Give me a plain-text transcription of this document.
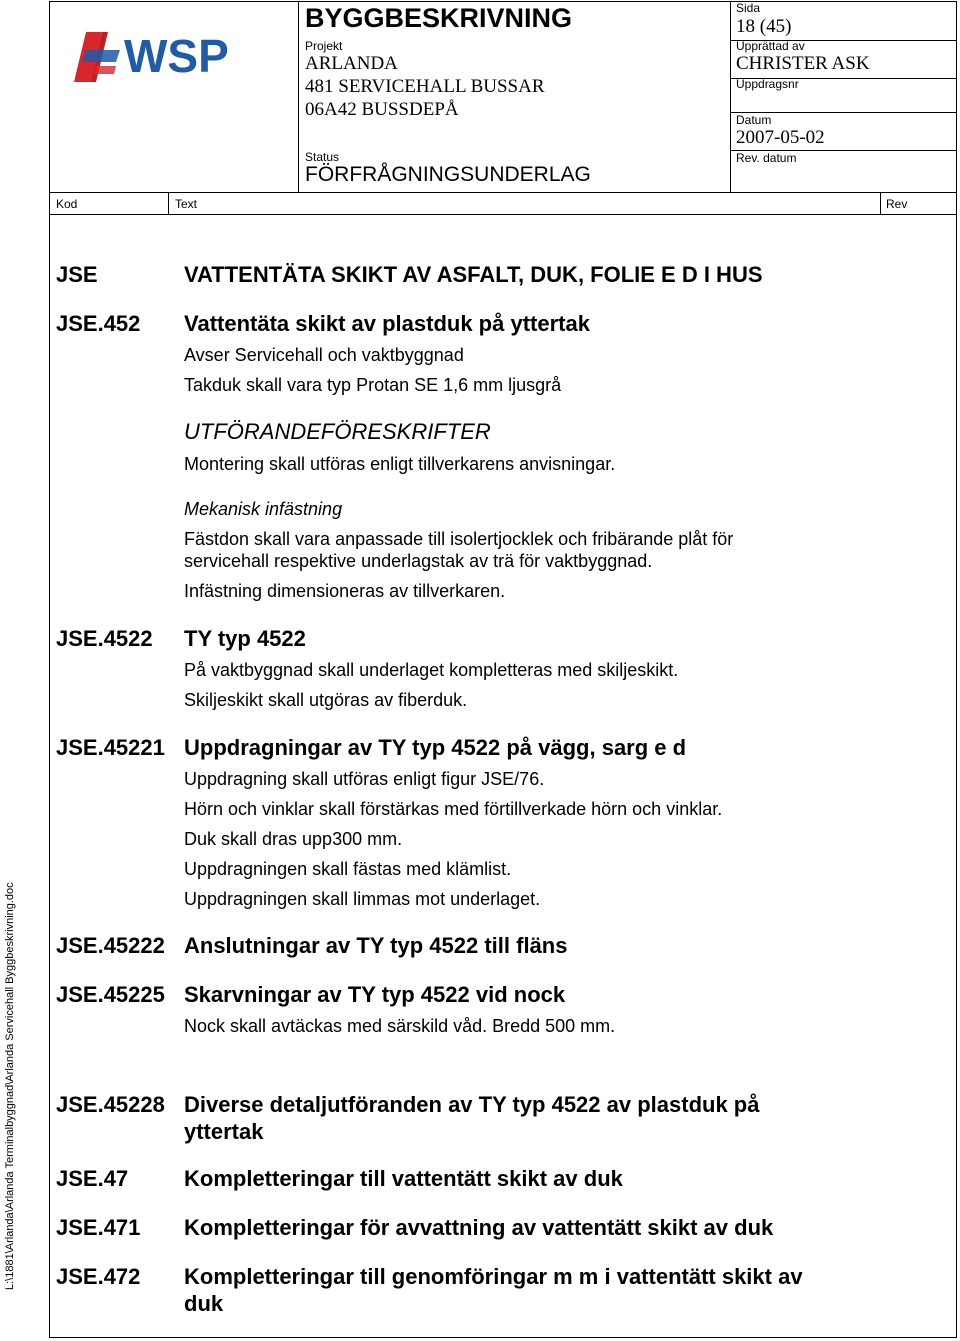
L:\1881\Arlanda\Arlanda Terminalbyggnad\Arlanda Servicehall Byggbeskrivning.doc
WSP
BYGGBESKRIVNING
Projekt
ARLANDA
481 SERVICEHALL BUSSAR
06A42 BUSSDEPÅ
Status
FÖRFRÅGNINGSUNDERLAG
Sida
18 (45)
Upprättad av
CHRISTER ASK
Uppdragsnr
Datum
2007-05-02
Rev. datum
Kod	Text	Rev
JSE	VATTENTÄTA SKIKT AV ASFALT, DUK, FOLIE E D I HUS
JSE.452 Vattentäta skikt av plastduk på yttertak
Avser Servicehall och vaktbyggnad
Takduk skall vara typ Protan SE 1,6 mm ljusgrå
UTFÖRANDEFÖRESKRIFTER
Montering skall utföras enligt tillverkarens anvisningar.
Mekanisk infästning
Fästdon skall vara anpassade till isolertjocklek och fribärande plåt för
servicehall respektive underlagstak av trä för vaktbyggnad.
Infästning dimensioneras av tillverkaren.
JSE.4522 TY typ 4522
På vaktbyggnad skall underlaget kompletteras med skiljeskikt.
Skiljeskikt skall utgöras av fiberduk.
JSE.45221 Uppdragningar av TY typ 4522 på vägg, sarg e d
Uppdragning skall utföras enligt figur JSE/76.
Hörn och vinklar skall förstärkas med förtillverkade hörn och vinklar.
Duk skall dras upp300 mm.
Uppdragningen skall fästas med klämlist.
Uppdragningen skall limmas mot underlaget.
JSE.45222 Anslutningar av TY typ 4522 till fläns
JSE.45225 Skarvningar av TY typ 4522 vid nock
Nock skall avtäckas med särskild våd. Bredd 500 mm.
JSE.45228 Diverse detaljutföranden av TY typ 4522 av plastduk på
yttertak
JSE.47	Kompletteringar till vattentätt skikt av duk
JSE.471 Kompletteringar för avvattning av vattentätt skikt av duk
JSE.472 Kompletteringar till genomföringar m m i vattentätt skikt av
duk
